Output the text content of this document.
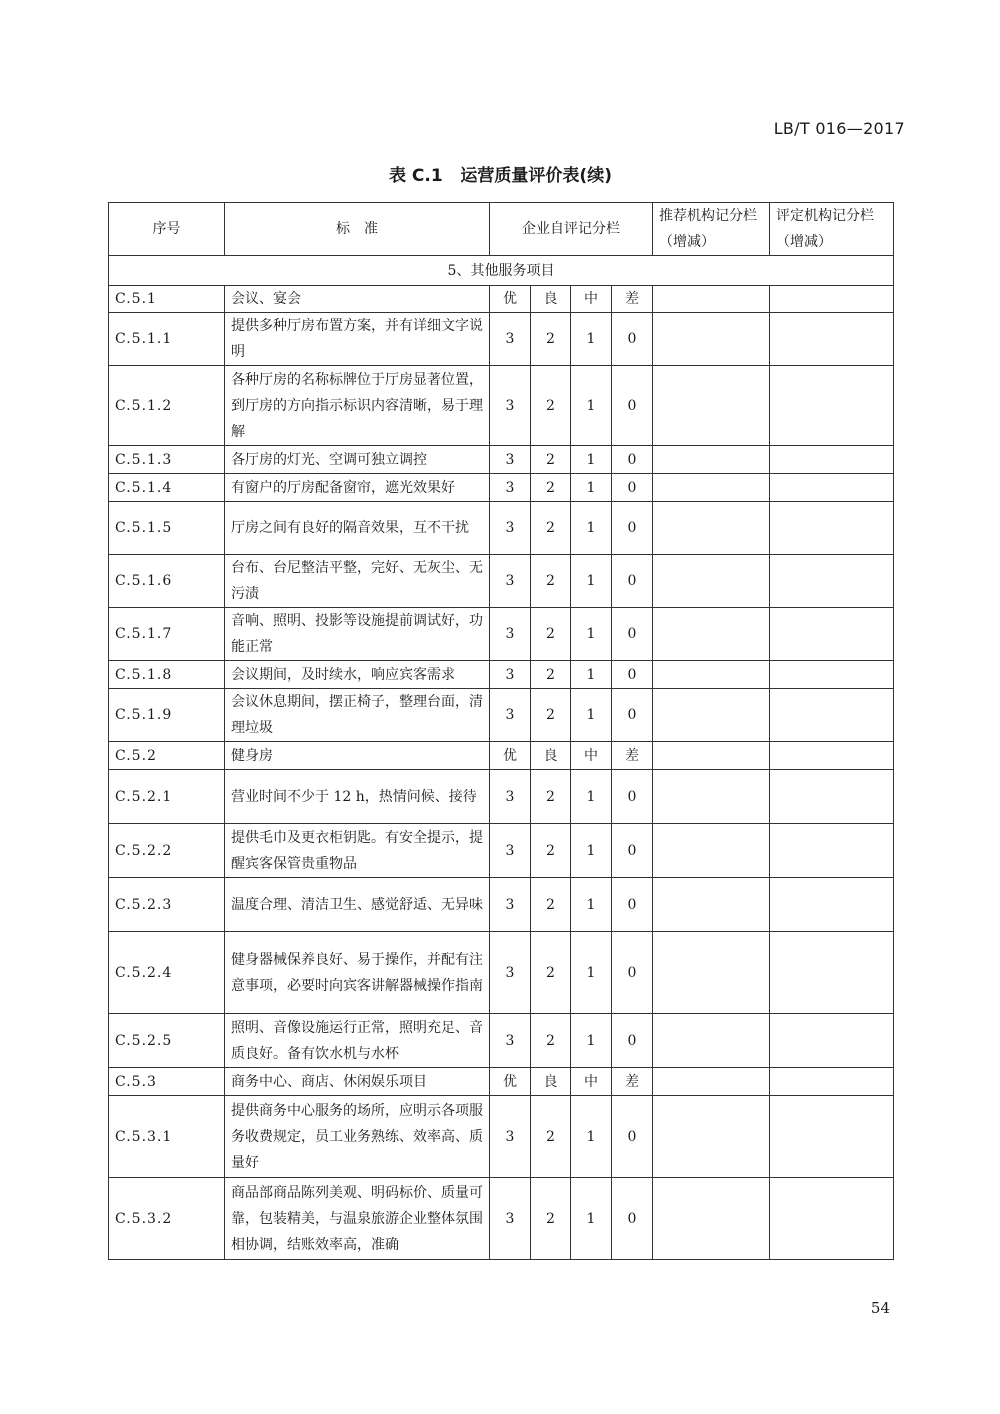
LB/T 016—2017
表 C.1   运营质量评价表(续)
序号	标　准	企业自评记分栏				推荐机构记分栏（增减）	评定机构记分栏（增减）
5、其他服务项目							
C.5.1	会议、宴会	优	良	中	差		
C.5.1.1	提供多种厅房布置方案，并有详细文字说明	3	2	1	0		
C.5.1.2	各种厅房的名称标牌位于厅房显著位置，到厅房的方向指示标识内容清晰，易于理解	3	2	1	0		
C.5.1.3	各厅房的灯光、空调可独立调控	3	2	1	0		
C.5.1.4	有窗户的厅房配备窗帘，遮光效果好	3	2	1	0		
C.5.1.5	厅房之间有良好的隔音效果，互不干扰	3	2	1	0		
C.5.1.6	台布、台尼整洁平整，完好、无灰尘、无污渍	3	2	1	0		
C.5.1.7	音响、照明、投影等设施提前调试好，功能正常	3	2	1	0		
C.5.1.8	会议期间，及时续水，响应宾客需求	3	2	1	0		
C.5.1.9	会议休息期间，摆正椅子，整理台面，清理垃圾	3	2	1	0		
C.5.2	健身房	优	良	中	差		
C.5.2.1	营业时间不少于 12 h，热情问候、接待	3	2	1	0		
C.5.2.2	提供毛巾及更衣柜钥匙。有安全提示，提醒宾客保管贵重物品	3	2	1	0		
C.5.2.3	温度合理、清洁卫生、感觉舒适、无异味	3	2	1	0		
C.5.2.4	健身器械保养良好、易于操作，并配有注意事项，必要时向宾客讲解器械操作指南	3	2	1	0		
C.5.2.5	照明、音像设施运行正常，照明充足、音质良好。备有饮水机与水杯	3	2	1	0		
C.5.3	商务中心、商店、休闲娱乐项目	优	良	中	差		
C.5.3.1	提供商务中心服务的场所，应明示各项服务收费规定，员工业务熟练、效率高、质量好	3	2	1	0		
C.5.3.2	商品部商品陈列美观、明码标价、质量可靠，包装精美，与温泉旅游企业整体氛围相协调，结账效率高，准确	3	2	1	0		
54
